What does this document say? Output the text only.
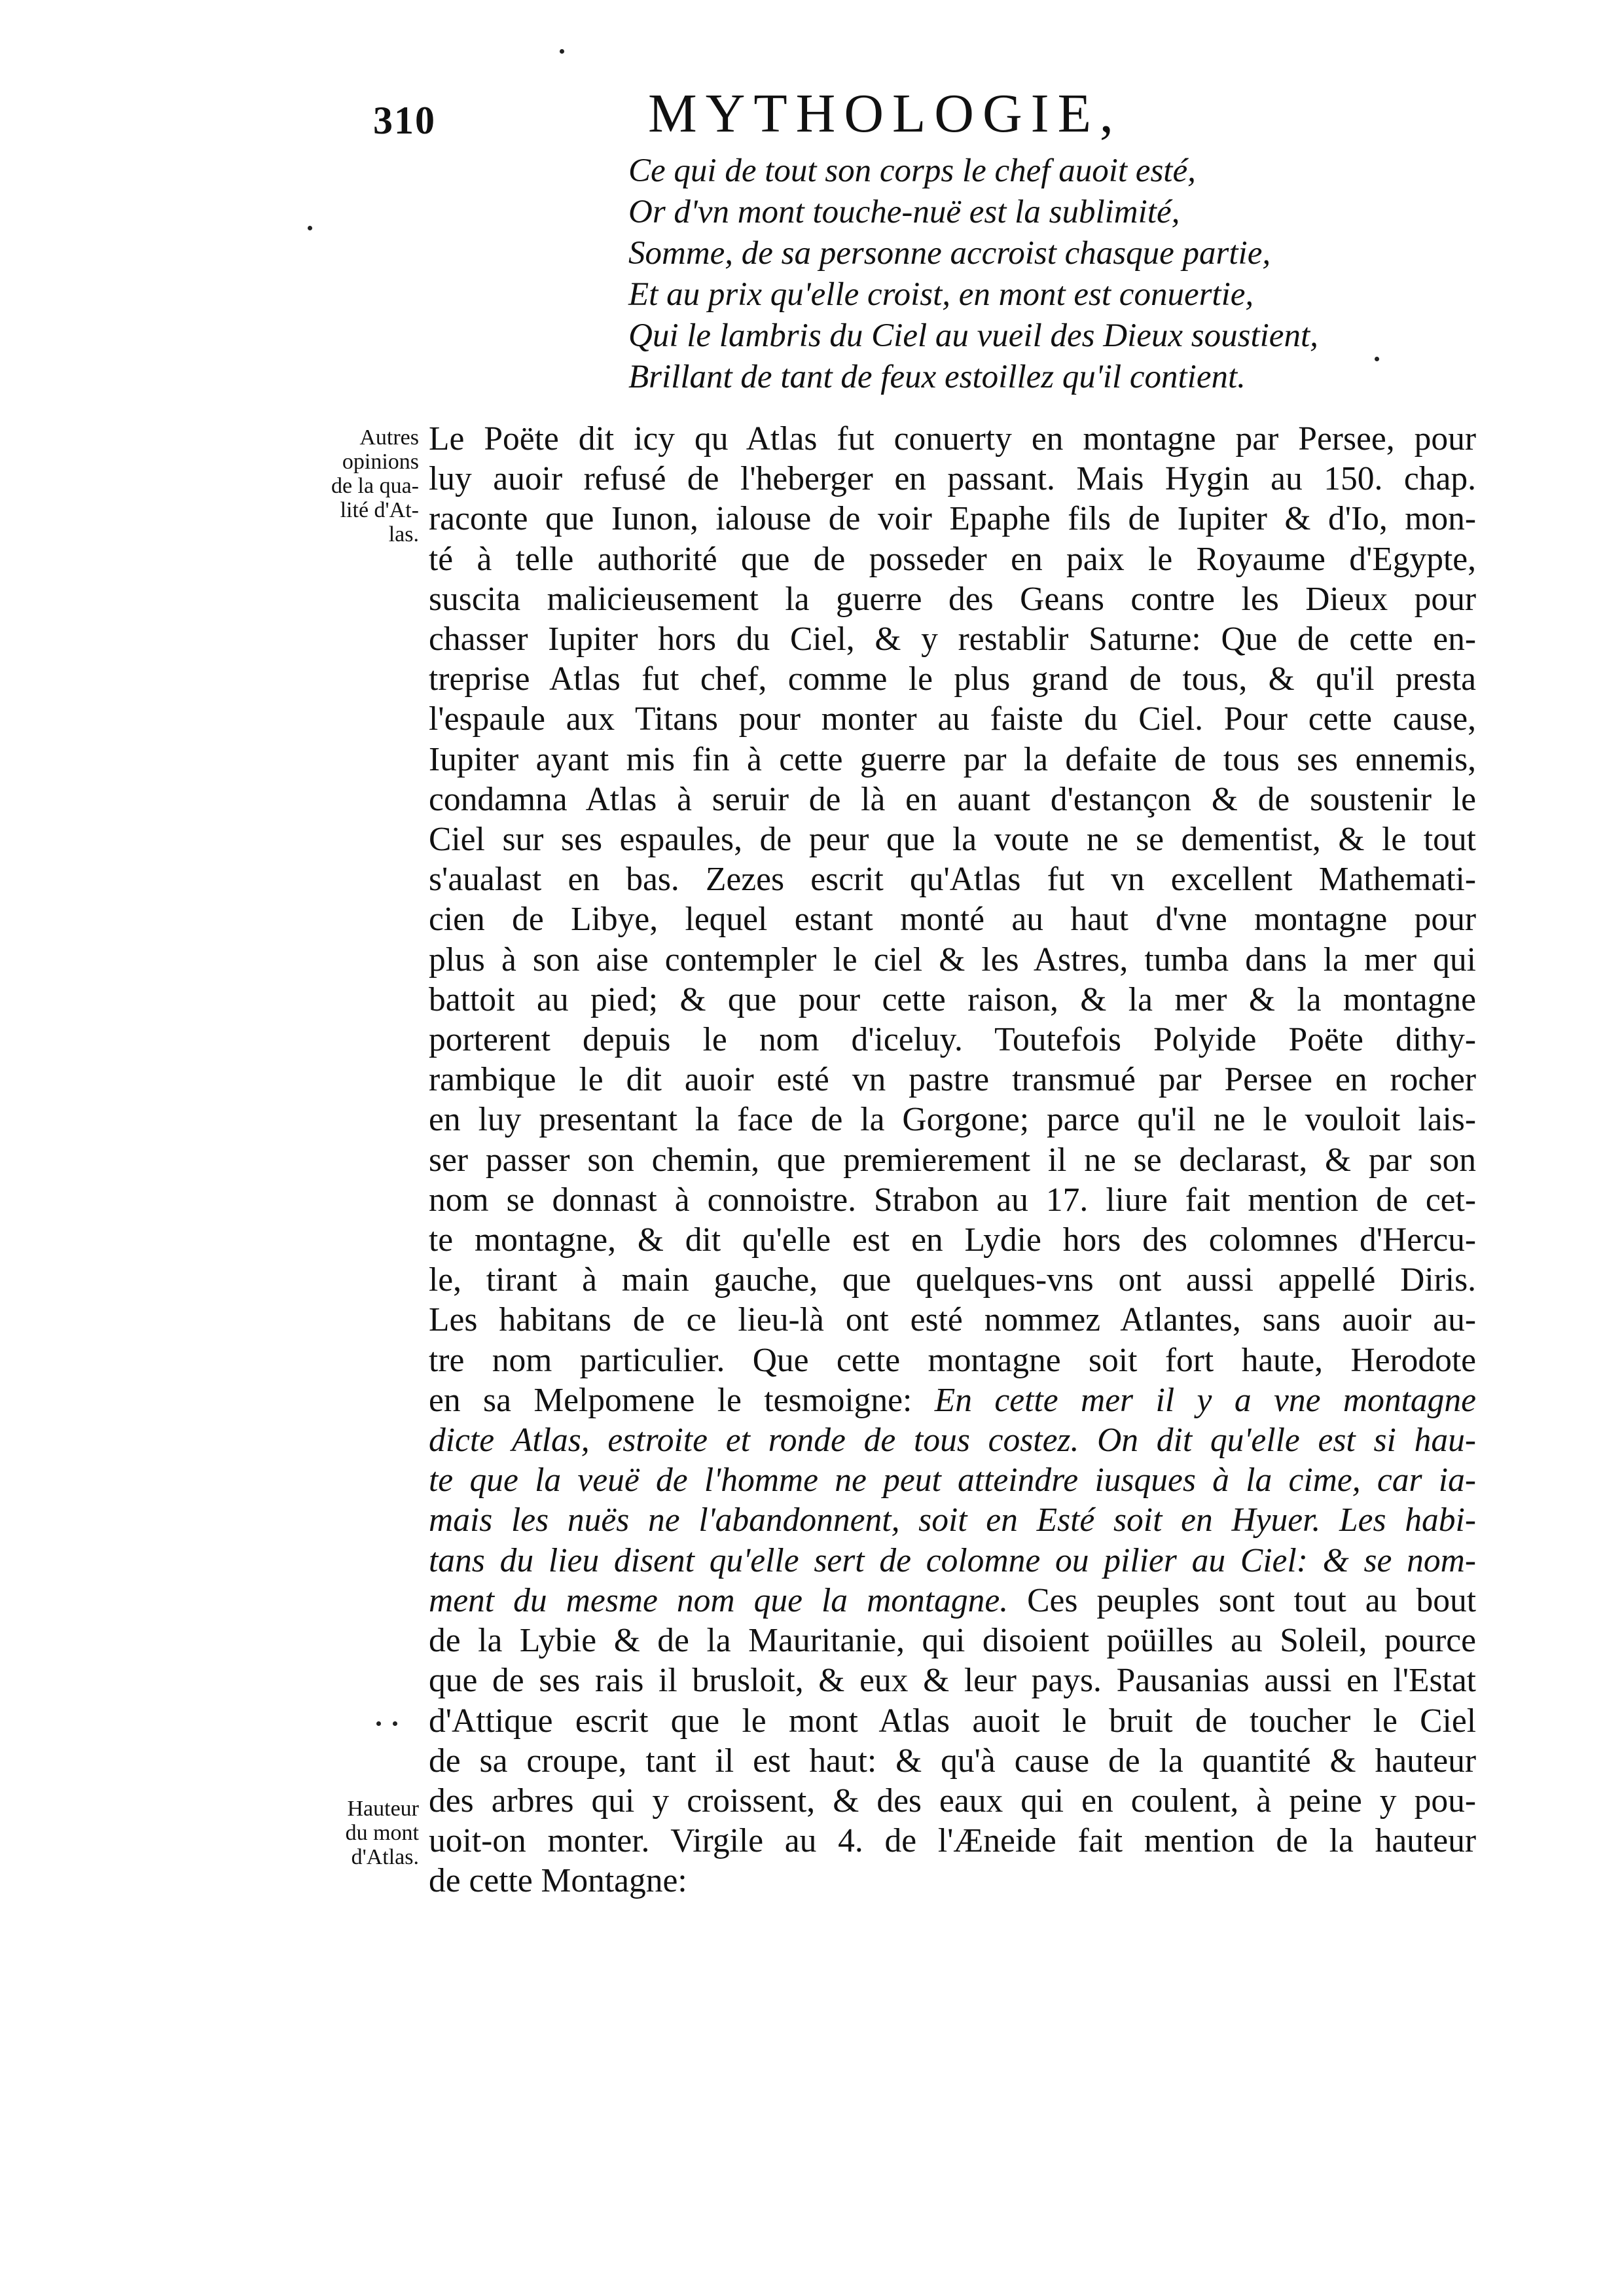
310	MYTHOLOGIE,
Ce qui de tout son corps le chef auoit esté,
Or d'vn mont touche-nuë est la sublimité,
Somme, de sa personne accroist chasque partie,
Et au prix qu'elle croist, en mont est conuertie,
Qui le lambris du Ciel au vueil des Dieux soustient,
Brillant de tant de feux estoillez qu'il contient.
Autres
opinions
de la qua-
lité d'At-
las.
Hauteur
du mont
d'Atlas.
Le Poëte dit icy qu Atlas fut conuerty en montagne par Persee, pour
luy auoir refusé de l'heberger en passant. Mais Hygin au 150. chap.
raconte que Iunon, ialouse de voir Epaphe fils de Iupiter & d'Io, mon-
té à telle authorité que de posseder en paix le Royaume d'Egypte,
suscita malicieusement la guerre des Geans contre les Dieux pour
chasser Iupiter hors du Ciel, & y restablir Saturne: Que de cette en-
treprise Atlas fut chef, comme le plus grand de tous, & qu'il presta
l'espaule aux Titans pour monter au faiste du Ciel. Pour cette cause,
Iupiter ayant mis fin à cette guerre par la defaite de tous ses ennemis,
condamna Atlas à seruir de là en auant d'estançon & de soustenir le
Ciel sur ses espaules, de peur que la voute ne se dementist, & le tout
s'aualast en bas. Zezes escrit qu'Atlas fut vn excellent Mathemati-
cien de Libye, lequel estant monté au haut d'vne montagne pour
plus à son aise contempler le ciel & les Astres, tumba dans la mer qui
battoit au pied; & que pour cette raison, & la mer & la montagne
porterent depuis le nom d'iceluy. Toutefois Polyide Poëte dithy-
rambique le dit auoir esté vn pastre transmué par Persee en rocher
en luy presentant la face de la Gorgone; parce qu'il ne le vouloit lais-
ser passer son chemin, que premierement il ne se declarast, & par son
nom se donnast à connoistre. Strabon au 17. liure fait mention de cet-
te montagne, & dit qu'elle est en Lydie hors des colomnes d'Hercu-
le, tirant à main gauche, que quelques-vns ont aussi appellé Diris.
Les habitans de ce lieu-là ont esté nommez Atlantes, sans auoir au-
tre nom particulier. Que cette montagne soit fort haute, Herodote
en sa Melpomene le tesmoigne: En cette mer il y a vne montagne
dicte Atlas, estroite et ronde de tous costez. On dit qu'elle est si hau-
te que la veuë de l'homme ne peut atteindre iusques à la cime, car ia-
mais les nuës ne l'abandonnent, soit en Esté soit en Hyuer. Les habi-
tans du lieu disent qu'elle sert de colomne ou pilier au Ciel: & se nom-
ment du mesme nom que la montagne. Ces peuples sont tout au bout
de la Lybie & de la Mauritanie, qui disoient poüilles au Soleil, pource
que de ses rais il brusloit, & eux & leur pays. Pausanias aussi en l'Estat
d'Attique escrit que le mont Atlas auoit le bruit de toucher le Ciel
de sa croupe, tant il est haut: & qu'à cause de la quantité & hauteur
des arbres qui y croissent, & des eaux qui en coulent, à peine y pou-
uoit-on monter. Virgile au 4. de l'Æneide fait mention de la hauteur
de cette Montagne:
